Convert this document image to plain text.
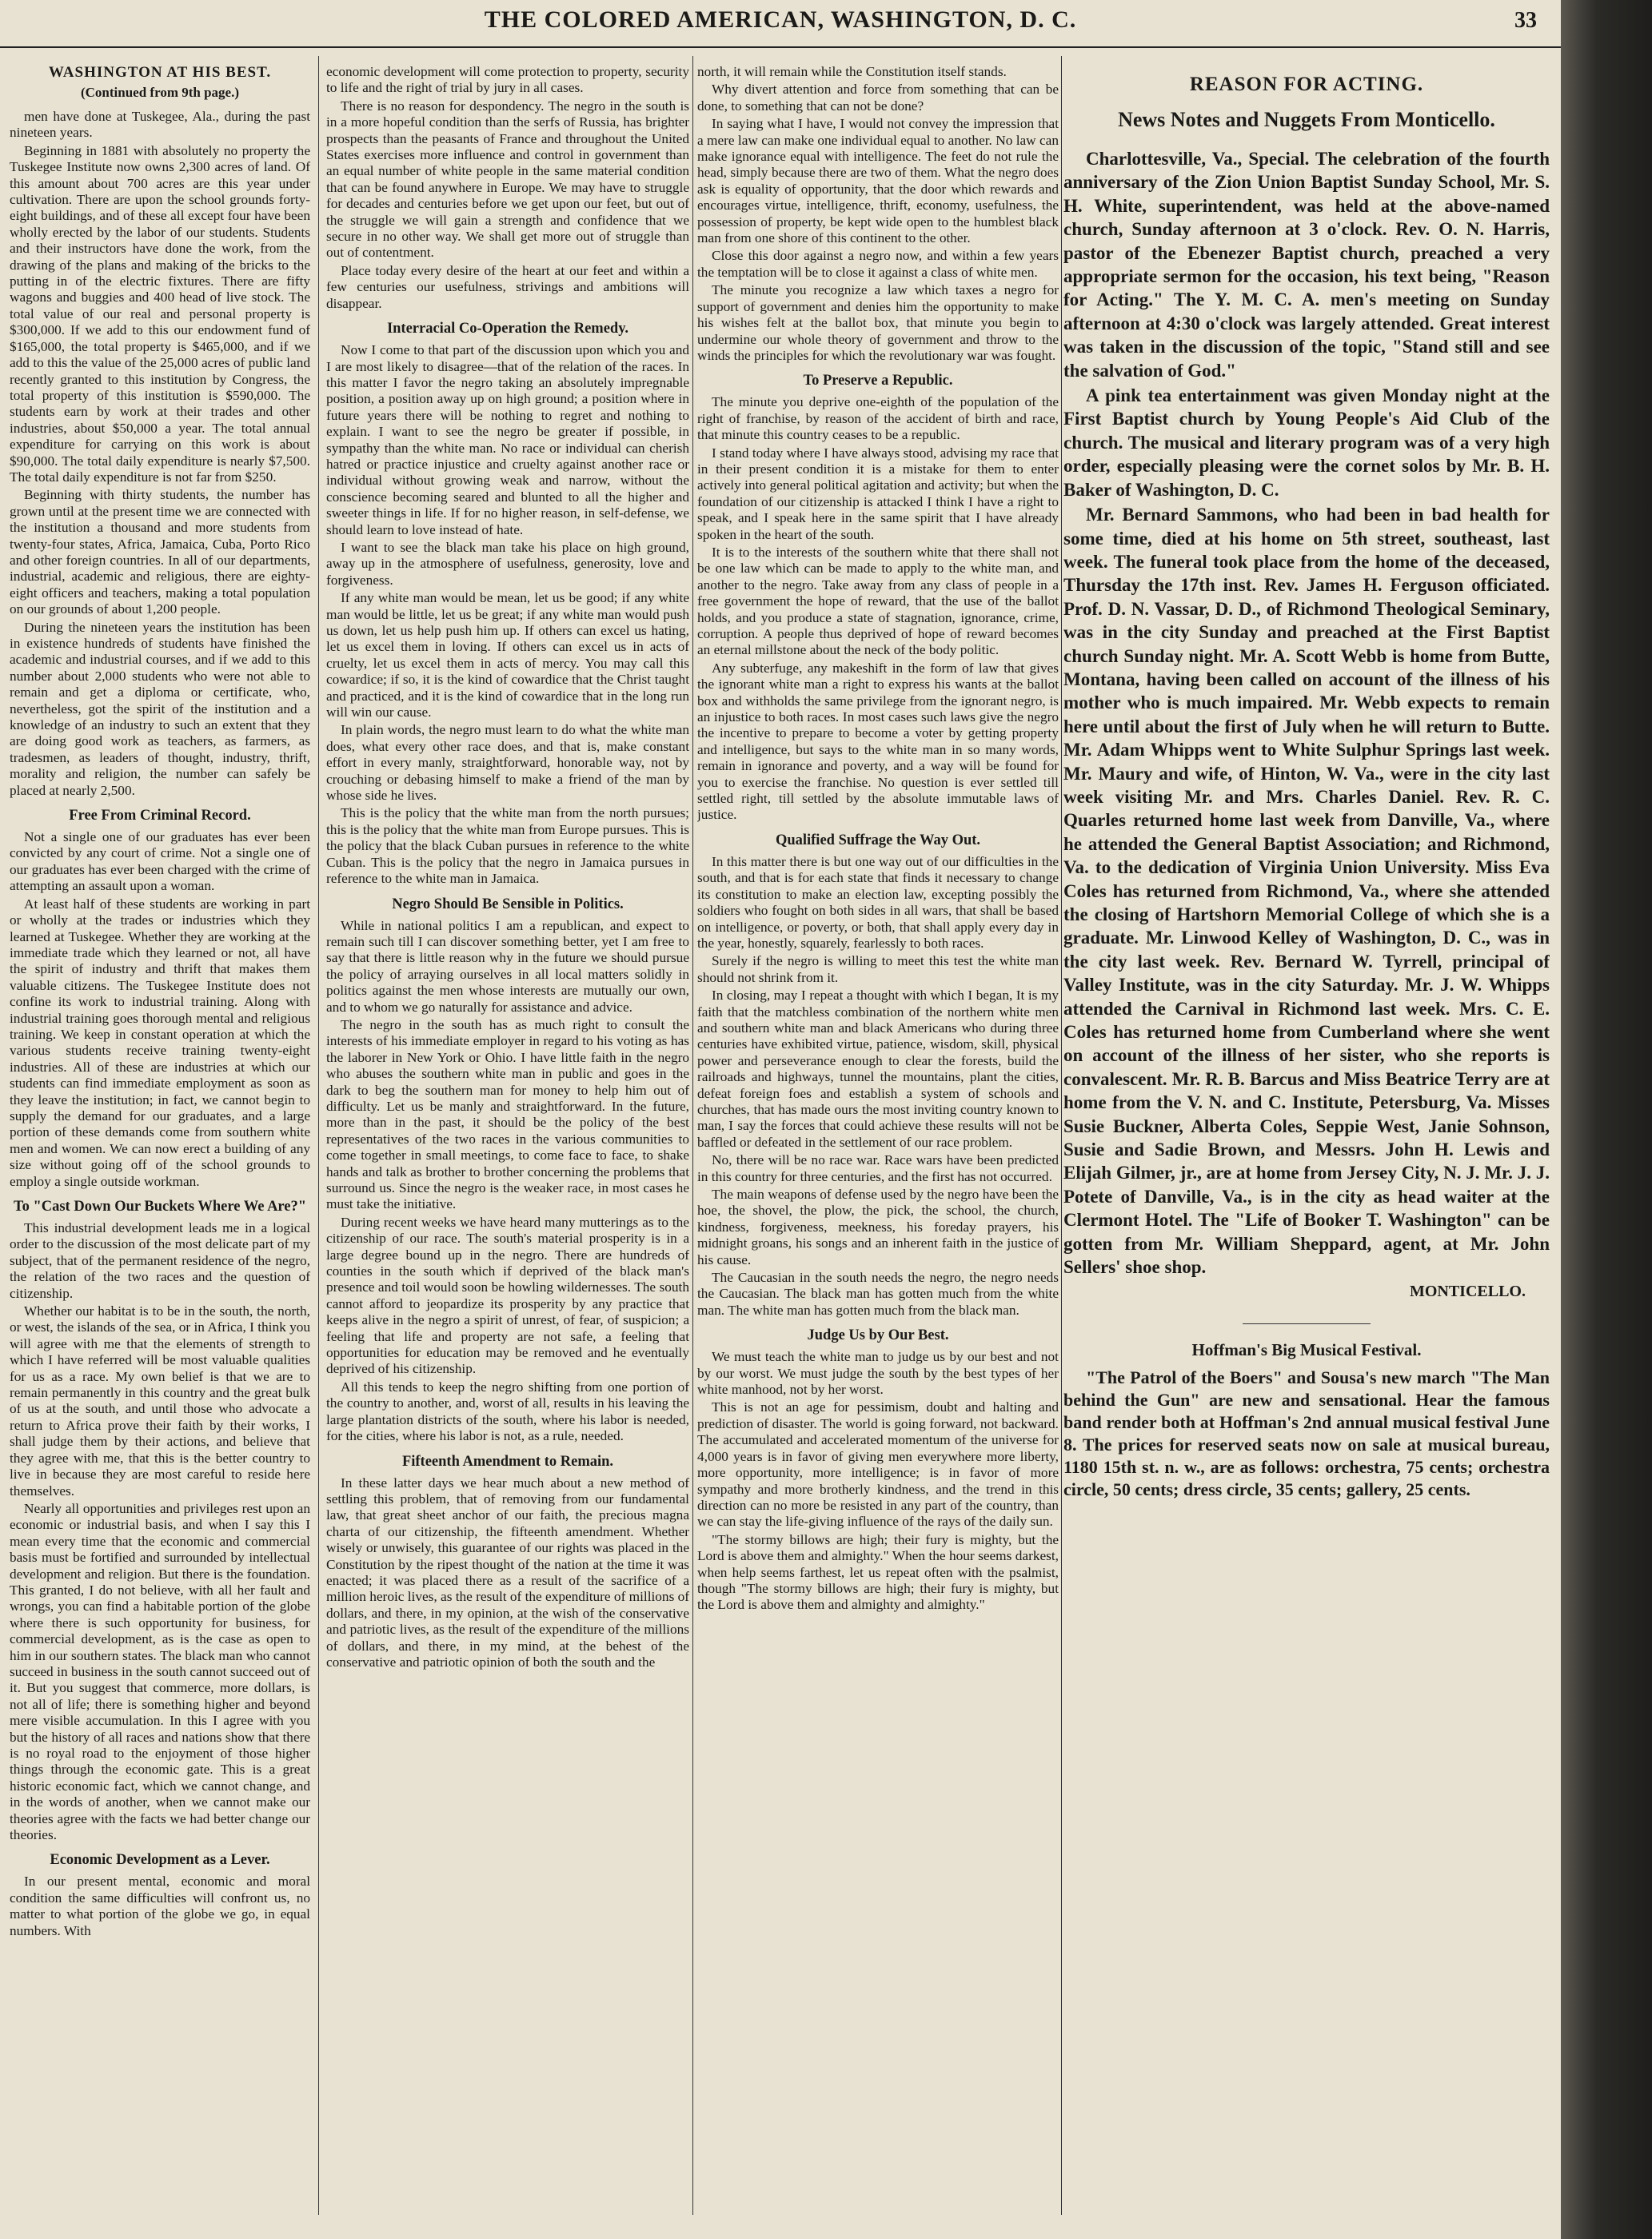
THE COLORED AMERICAN, WASHINGTON, D. C.	33
WASHINGTON AT HIS BEST.
(Continued from 9th page.)

men have done at Tuskegee, Ala., during the past nineteen years.

Beginning in 1881 with absolutely no property the Tuskegee Institute now owns 2,300 acres of land. Of this amount about 700 acres are this year under cultivation. There are upon the school grounds forty-eight buildings, and of these all except four have been wholly erected by the labor of our students. Students and their instructors have done the work, from the drawing of the plans and making of the bricks to the putting in of the electric fixtures. There are fifty wagons and buggies and 400 head of live stock. The total value of our real and personal property is $300,000. If we add to this our endowment fund of $165,000, the total property is $465,000, and if we add to this the value of the 25,000 acres of public land recently granted to this institution by Congress, the total property of this institution is $590,000. The students earn by work at their trades and other industries, about $50,000 a year. The total annual expenditure for carrying on this work is about $90,000. The total daily expenditure is nearly $7,500. The total daily expenditure is not far from $250.

Beginning with thirty students, the number has grown until at the present time we are connected with the institution a thousand and more students from twenty-four states, Africa, Jamaica, Cuba, Porto Rico and other foreign countries. In all of our departments, industrial, academic and religious, there are eighty-eight officers and teachers, making a total population on our grounds of about 1,200 people.

During the nineteen years the institution has been in existence hundreds of students have finished the academic and industrial courses, and if we add to this number about 2,000 students who were not able to remain and get a diploma or certificate, who, nevertheless, got the spirit of the institution and a knowledge of an industry to such an extent that they are doing good work as teachers, as farmers, as tradesmen, as leaders of thought, industry, thrift, morality and religion, the number can safely be placed at nearly 2,500.

Free From Criminal Record.

Not a single one of our graduates has ever been convicted by any court of crime. Not a single one of our graduates has ever been charged with the crime of attempting an assault upon a woman.

At least half of these students are working in part or wholly at the trades or industries which they learned at Tuskegee. Whether they are working at the immediate trade which they learned or not, all have the spirit of industry and thrift that makes them valuable citizens. The Tuskegee Institute does not confine its work to industrial training. Along with industrial training goes thorough mental and religious training. We keep in constant operation at which the various students receive training twenty-eight industries. All of these are industries at which our students can find immediate employment as soon as they leave the institution; in fact, we cannot begin to supply the demand for our graduates, and a large portion of these demands come from southern white men and women. We can now erect a building of any size without going off of the school grounds to employ a single outside workman.

To "Cast Down Our Buckets Where We Are?"

This industrial development leads me in a logical order to the discussion of the most delicate part of my subject, that of the permanent residence of the negro, the relation of the two races and the question of citizenship.

Whether our habitat is to be in the south, the north, or west, the islands of the sea, or in Africa, I think you will agree with me that the elements of strength to which I have referred will be most valuable qualities for us as a race. My own belief is that we are to remain permanently in this country and the great bulk of us at the south, and until those who advocate a return to Africa prove their faith by their works, I shall judge them by their actions, and believe that they agree with me, that this is the better country to live in because they are most careful to reside here themselves.

Nearly all opportunities and privileges rest upon an economic or industrial basis, and when I say this I mean every time that the economic and commercial basis must be fortified and surrounded by intellectual development and religion. But there is the foundation. This granted, I do not believe, with all her fault and wrongs, you can find a habitable portion of the globe where there is such opportunity for business, for commercial development, as is the case as open to him in our southern states. The black man who cannot succeed in business in the south cannot succeed out of it. But you suggest that commerce, more dollars, is not all of life; there is something higher and beyond mere visible accumulation. In this I agree with you but the history of all races and nations show that there is no royal road to the enjoyment of those higher things through the economic gate. This is a great historic economic fact, which we cannot change, and in the words of another, when we cannot make our theories agree with the facts we had better change our theories.

Economic Development as a Lever.

In our present mental, economic and moral condition the same difficulties will confront us, no matter to what portion of the globe we go, in equal numbers. With

economic development will come protection to property, security to life and the right of trial by jury in all cases.

There is no reason for despondency. The negro in the south is in a more hopeful condition than the serfs of Russia, has brighter prospects than the peasants of France and throughout the United States exercises more influence and control in government than an equal number of white people in the same material condition that can be found anywhere in Europe. We may have to struggle for decades and centuries before we get upon our feet, but out of the struggle we will gain a strength and confidence that we secure in no other way. We shall get more out of struggle than out of contentment.

Place today every desire of the heart at our feet and within a few centuries our usefulness, strivings and ambitions will disappear.

Interracial Co-Operation the Remedy.

Now I come to that part of the discussion upon which you and I are most likely to disagree—that of the relation of the races. In this matter I favor the negro taking an absolutely impregnable position, a position away up on high ground; a position where in future years there will be nothing to regret and nothing to explain. I want to see the negro be greater if possible, in sympathy than the white man. No race or individual can cherish hatred or practice injustice and cruelty against another race or individual without growing weak and narrow, without the conscience becoming seared and blunted to all the higher and sweeter things in life. If for no higher reason, in self-defense, we should learn to love instead of hate.

I want to see the black man take his place on high ground, away up in the atmosphere of usefulness, generosity, love and forgiveness.

If any white man would be mean, let us be good; if any white man would be little, let us be great; if any white man would push us down, let us help push him up. If others can excel us hating, let us excel them in loving. If others can excel us in acts of cruelty, let us excel them in acts of mercy. You may call this cowardice; if so, it is the kind of cowardice that the Christ taught and practiced, and it is the kind of cowardice that in the long run will win our cause.

In plain words, the negro must learn to do what the white man does, what every other race does, and that is, make constant effort in every manly, straightforward, honorable way, not by crouching or debasing himself to make a friend of the man by whose side he lives.

This is the policy that the white man from the north pursues; this is the policy that the white man from Europe pursues. This is the policy that the black Cuban pursues in reference to the white Cuban. This is the policy that the negro in Jamaica pursues in reference to the white man in Jamaica.

Negro Should Be Sensible in Politics.

While in national politics I am a republican, and expect to remain such till I can discover something better, yet I am free to say that there is little reason why in the future we should pursue the policy of arraying ourselves in all local matters solidly in politics against the men whose interests are mutually our own, and to whom we go naturally for assistance and advice.

The negro in the south has as much right to consult the interests of his immediate employer in regard to his voting as has the laborer in New York or Ohio. I have little faith in the negro who abuses the southern white man in public and goes in the dark to beg the southern man for money to help him out of difficulty. Let us be manly and straightforward. In the future, more than in the past, it should be the policy of the best representatives of the two races in the various communities to come together in small meetings, to come face to face, to shake hands and talk as brother to brother concerning the problems that surround us. Since the negro is the weaker race, in most cases he must take the initiative.

During recent weeks we have heard many mutterings as to the citizenship of our race. The south's material prosperity is in a large degree bound up in the negro. There are hundreds of counties in the south which if deprived of the black man's presence and toil would soon be howling wildernesses. The south cannot afford to jeopardize its prosperity by any practice that keeps alive in the negro a spirit of unrest, of fear, of suspicion; a feeling that life and property are not safe, a feeling that opportunities for education may be removed and he eventually deprived of his citizenship.

All this tends to keep the negro shifting from one portion of the country to another, and, worst of all, results in his leaving the large plantation districts of the south, where his labor is needed, for the cities, where his labor is not, as a rule, needed.

Fifteenth Amendment to Remain.

In these latter days we hear much about a new method of settling this problem, that of removing from our fundamental law, that great sheet anchor of our faith, the precious magna charta of our citizenship, the fifteenth amendment. Whether wisely or unwisely, this guarantee of our rights was placed in the Constitution by the ripest thought of the nation at the time it was enacted; it was placed there as a result of the sacrifice of a million heroic lives, as the result of the expenditure of millions of dollars, and there, in my opinion, at the wish of the conservative and patriotic lives, as the result of the expenditure of the millions of dollars, and there, in my mind, at the behest of the conservative and patriotic opinion of both the south and the

north, it will remain while the Constitution itself stands.

Why divert attention and force from something that can be done, to something that can not be done?

In saying what I have, I would not convey the impression that a mere law can make one individual equal to another. No law can make ignorance equal with intelligence. The feet do not rule the head, simply because there are two of them. What the negro does ask is equality of opportunity, that the door which rewards and encourages virtue, intelligence, thrift, economy, usefulness, the possession of property, be kept wide open to the humblest black man from one shore of this continent to the other.

Close this door against a negro now, and within a few years the temptation will be to close it against a class of white men.

The minute you recognize a law which taxes a negro for support of government and denies him the opportunity to make his wishes felt at the ballot box, that minute you begin to undermine our whole theory of government and throw to the winds the principles for which the revolutionary war was fought.

To Preserve a Republic.

The minute you deprive one-eighth of the population of the right of franchise, by reason of the accident of birth and race, that minute this country ceases to be a republic.

I stand today where I have always stood, advising my race that in their present condition it is a mistake for them to enter actively into general political agitation and activity; but when the foundation of our citizenship is attacked I think I have a right to speak, and I speak here in the same spirit that I have already spoken in the heart of the south.

It is to the interests of the southern white that there shall not be one law which can be made to apply to the white man, and another to the negro. Take away from any class of people in a free government the hope of reward, that the use of the ballot holds, and you produce a state of stagnation, ignorance, crime, corruption. A people thus deprived of hope of reward becomes an eternal millstone about the neck of the body politic.

Any subterfuge, any makeshift in the form of law that gives the ignorant white man a right to express his wants at the ballot box and withholds the same privilege from the ignorant negro, is an injustice to both races. In most cases such laws give the negro the incentive to prepare to become a voter by getting property and intelligence, but says to the white man in so many words, remain in ignorance and poverty, and a way will be found for you to exercise the franchise. No question is ever settled till settled right, till settled by the absolute immutable laws of justice.

Qualified Suffrage the Way Out.

In this matter there is but one way out of our difficulties in the south, and that is for each state that finds it necessary to change its constitution to make an election law, excepting possibly the soldiers who fought on both sides in all wars, that shall be based on intelligence, or poverty, or both, that shall apply every day in the year, honestly, squarely, fearlessly to both races.

Surely if the negro is willing to meet this test the white man should not shrink from it.

In closing, may I repeat a thought with which I began, It is my faith that the matchless combination of the northern white men and southern white man and black Americans who during three centuries have exhibited virtue, patience, wisdom, skill, physical power and perseverance enough to clear the forests, build the railroads and highways, tunnel the mountains, plant the cities, defeat foreign foes and establish a system of schools and churches, that has made ours the most inviting country known to man, I say the forces that could achieve these results will not be baffled or defeated in the settlement of our race problem.

No, there will be no race war. Race wars have been predicted in this country for three centuries, and the first has not occurred.

The main weapons of defense used by the negro have been the hoe, the shovel, the plow, the pick, the school, the church, kindness, forgiveness, meekness, his foreday prayers, his midnight groans, his songs and an inherent faith in the justice of his cause.

The Caucasian in the south needs the negro, the negro needs the Caucasian. The black man has gotten much from the white man. The white man has gotten much from the black man.

Judge Us by Our Best.

We must teach the white man to judge us by our best and not by our worst. We must judge the south by the best types of her white manhood, not by her worst.

This is not an age for pessimism, doubt and halting and prediction of disaster. The world is going forward, not backward. The accumulated and accelerated momentum of the universe for 4,000 years is in favor of giving men everywhere more liberty, more opportunity, more intelligence; is in favor of more sympathy and more brotherly kindness, and the trend in this direction can no more be resisted in any part of the country, than we can stay the life-giving influence of the rays of the daily sun.

"The stormy billows are high; their fury is mighty, but the Lord is above them and almighty." When the hour seems darkest, when help seems farthest, let us repeat often with the psalmist, though "The stormy billows are high; their fury is mighty, but the Lord is above them and almighty and almighty."

REASON FOR ACTING.
News Notes and Nuggets From Monticello.

Charlottesville, Va., Special. The celebration of the fourth anniversary of the Zion Union Baptist Sunday School, Mr. S. H. White, superintendent, was held at the above-named church, Sunday afternoon at 3 o'clock. Rev. O. N. Harris, pastor of the Ebenezer Baptist church, preached a very appropriate sermon for the occasion, his text being, "Reason for Acting." The Y. M. C. A. men's meeting on Sunday afternoon at 4:30 o'clock was largely attended. Great interest was taken in the discussion of the topic, "Stand still and see the salvation of God."

A pink tea entertainment was given Monday night at the First Baptist church by Young People's Aid Club of the church. The musical and literary program was of a very high order, especially pleasing were the cornet solos by Mr. B. H. Baker of Washington, D. C.

Mr. Bernard Sammons, who had been in bad health for some time, died at his home on 5th street, southeast, last week. The funeral took place from the home of the deceased, Thursday the 17th inst. Rev. James H. Ferguson officiated. Prof. D. N. Vassar, D. D., of Richmond Theological Seminary, was in the city Sunday and preached at the First Baptist church Sunday night. Mr. A. Scott Webb is home from Butte, Montana, having been called on account of the illness of his mother who is much impaired. Mr. Webb expects to remain here until about the first of July when he will return to Butte. Mr. Adam Whipps went to White Sulphur Springs last week. Mr. Maury and wife, of Hinton, W. Va., were in the city last week visiting Mr. and Mrs. Charles Daniel. Rev. R. C. Quarles returned home last week from Danville, Va., where he attended the General Baptist Association; and Richmond, Va. to the dedication of Virginia Union University. Miss Eva Coles has returned from Richmond, Va., where she attended the closing of Hartshorn Memorial College of which she is a graduate. Mr. Linwood Kelley of Washington, D. C., was in the city last week. Rev. Bernard W. Tyrrell, principal of Valley Institute, was in the city Saturday. Mr. J. W. Whipps attended the Carnival in Richmond last week. Mrs. C. E. Coles has returned home from Cumberland where she went on account of the illness of her sister, who she reports is convalescent. Mr. R. B. Barcus and Miss Beatrice Terry are at home from the V. N. and C. Institute, Petersburg, Va. Misses Susie Buckner, Alberta Coles, Seppie West, Janie Sohnson, Susie and Sadie Brown, and Messrs. John H. Lewis and Elijah Gilmer, jr., are at home from Jersey City, N. J. Mr. J. J. Potete of Danville, Va., is in the city as head waiter at the Clermont Hotel. The "Life of Booker T. Washington" can be gotten from Mr. William Sheppard, agent, at Mr. John Sellers' shoe shop.

MONTICELLO.
Hoffman's Big Musical Festival.

"The Patrol of the Boers" and Sousa's new march "The Man behind the Gun" are new and sensational. Hear the famous band render both at Hoffman's 2nd annual musical festival June 8. The prices for reserved seats now on sale at musical bureau, 1180 15th st. n. w., are as follows: orchestra, 75 cents; orchestra circle, 50 cents; dress circle, 35 cents; gallery, 25 cents.
